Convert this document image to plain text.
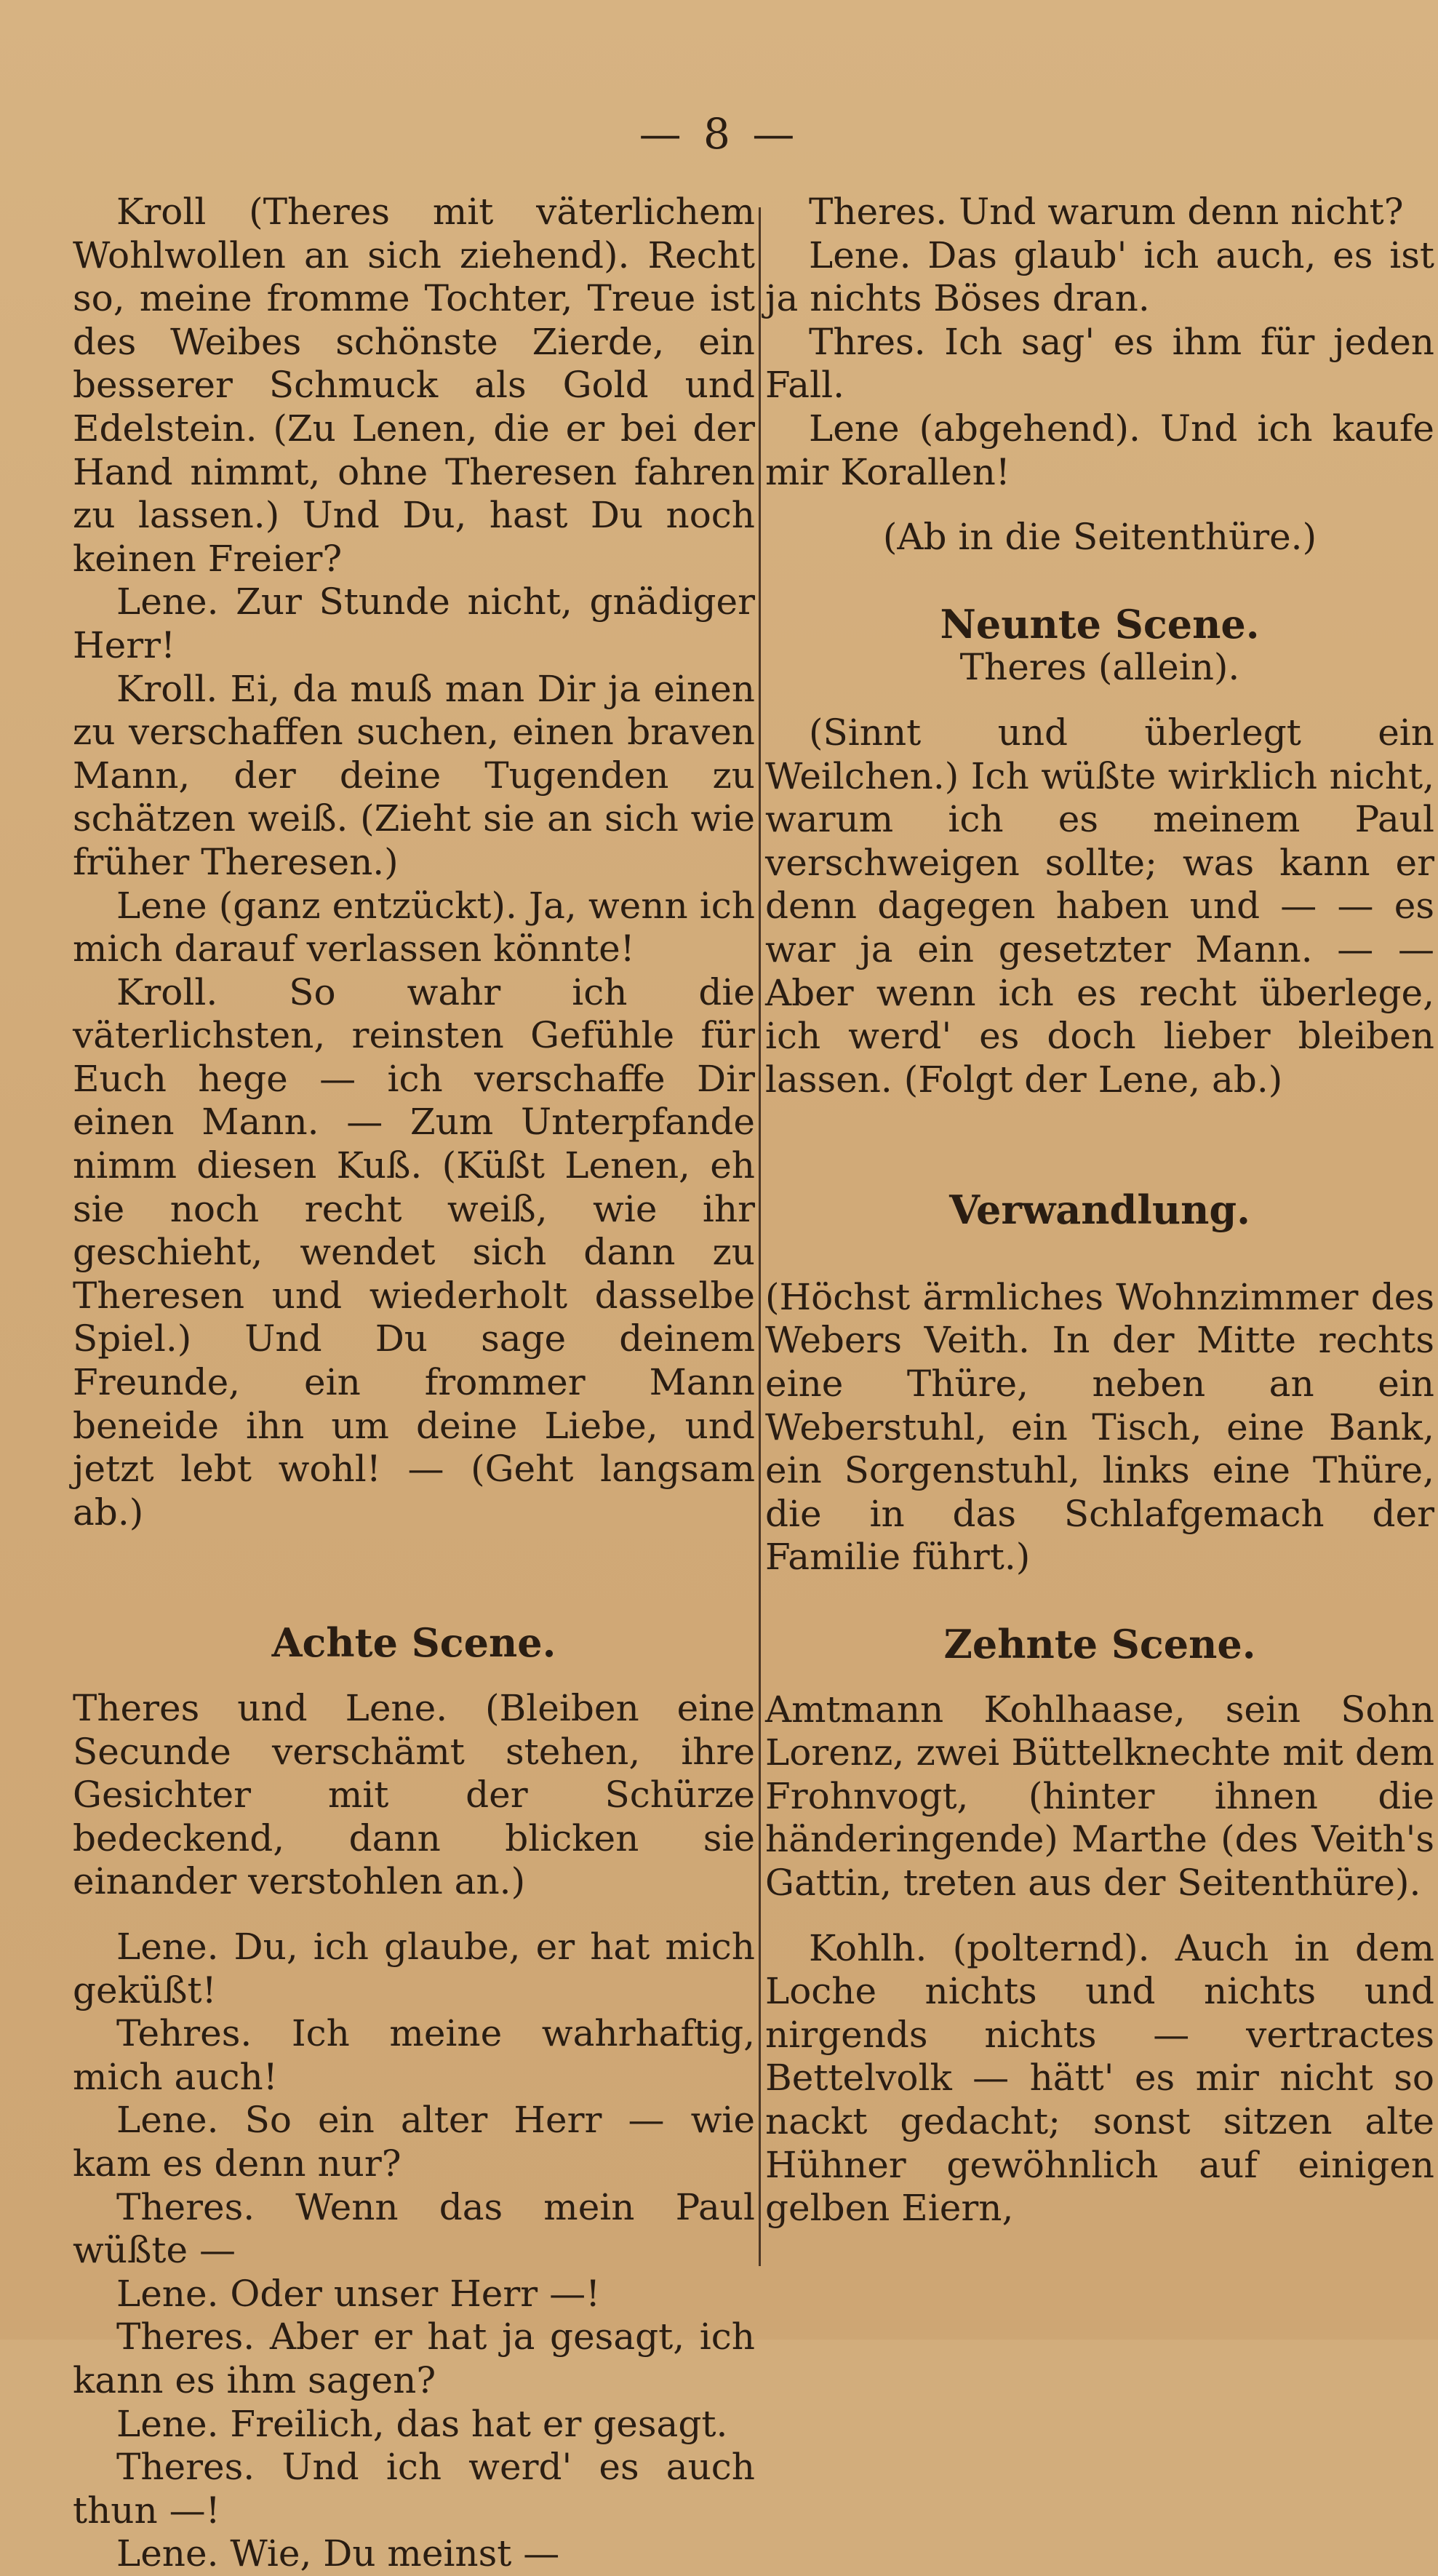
— 8 —

Kroll (Theres mit väterlichem Wohlwollen an sich ziehend). Recht so, meine fromme Tochter, Treue ist des Weibes schönste Zierde, ein besserer Schmuck als Gold und Edelstein. (Zu Lenen, die er bei der Hand nimmt, ohne Theresen fahren zu lassen.) Und Du, hast Du noch keinen Freier?

Lene. Zur Stunde nicht, gnädiger Herr!

Kroll. Ei, da muß man Dir ja einen zu verschaffen suchen, einen braven Mann, der deine Tugenden zu schätzen weiß. (Zieht sie an sich wie früher Theresen.)

Lene (ganz entzückt). Ja, wenn ich mich darauf verlassen könnte!

Kroll. So wahr ich die väterlichsten, reinsten Gefühle für Euch hege — ich verschaffe Dir einen Mann. — Zum Unterpfande nimm diesen Kuß. (Küßt Lenen, eh sie noch recht weiß, wie ihr geschieht, wendet sich dann zu Theresen und wiederholt dasselbe Spiel.) Und Du sage deinem Freunde, ein frommer Mann beneide ihn um deine Liebe, und jetzt lebt wohl! — (Geht langsam ab.)

Achte Scene.

Theres und Lene. (Bleiben eine Secunde verschämt stehen, ihre Gesichter mit der Schürze bedeckend, dann blicken sie einander verstohlen an.)

Lene. Du, ich glaube, er hat mich geküßt!

Tehres. Ich meine wahrhaftig, mich auch!

Lene. So ein alter Herr — wie kam es denn nur?

Theres. Wenn das mein Paul wüßte —

Lene. Oder unser Herr —!

Theres. Aber er hat ja gesagt, ich kann es ihm sagen?

Lene. Freilich, das hat er gesagt.

Theres. Und ich werd' es auch thun —!

Lene. Wie, Du meinst —

Theres. Und warum denn nicht?

Lene. Das glaub' ich auch, es ist ja nichts Böses dran.

Thres. Ich sag' es ihm für jeden Fall.

Lene (abgehend). Und ich kaufe mir Korallen!

(Ab in die Seitenthüre.)

Neunte Scene.

Theres (allein).

(Sinnt und überlegt ein Weilchen.) Ich wüßte wirklich nicht, warum ich es meinem Paul verschweigen sollte; was kann er denn dagegen haben und — — es war ja ein gesetzter Mann. — — Aber wenn ich es recht überlege, ich werd' es doch lieber bleiben lassen. (Folgt der Lene, ab.)

Verwandlung.

(Höchst ärmliches Wohnzimmer des Webers Veith. In der Mitte rechts eine Thüre, neben an ein Weberstuhl, ein Tisch, eine Bank, ein Sorgenstuhl, links eine Thüre, die in das Schlafgemach der Familie führt.)

Zehnte Scene.

Amtmann Kohlhaase, sein Sohn Lorenz, zwei Büttelknechte mit dem Frohnvogt, (hinter ihnen die händeringende) Marthe (des Veith's Gattin, treten aus der Seitenthüre).

Kohlh. (polternd). Auch in dem Loche nichts und nichts und nirgends nichts — vertractes Bettelvolk — hätt' es mir nicht so nackt gedacht; sonst sitzen alte Hühner gewöhnlich auf einigen gelben Eiern,
